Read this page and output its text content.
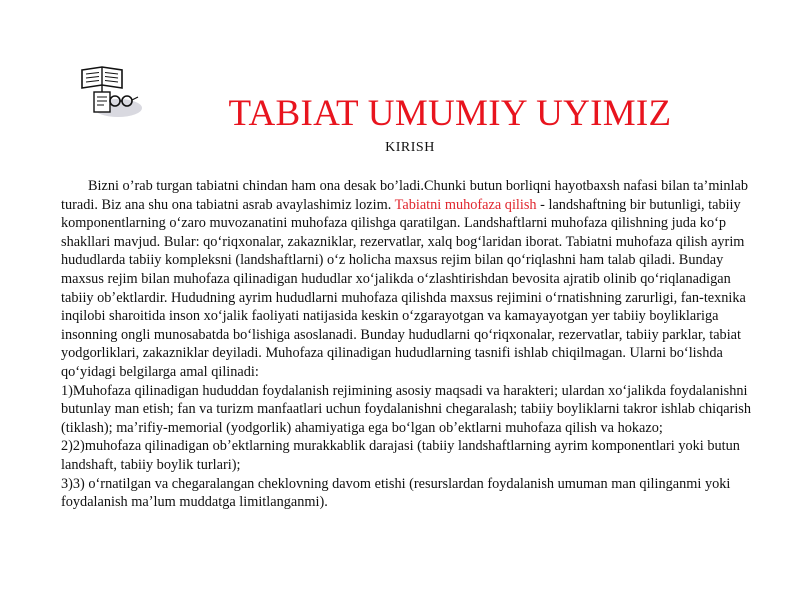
TABIAT UMUMIY UYIMIZ
KIRISH

Bizni o’rab turgan tabiatni chindan ham ona desak bo’ladi.Chunki butun borliqni hayotbaxsh nafasi bilan ta’minlab turadi. Biz ana shu ona tabiatni asrab avaylashimiz lozim. Tabiatni muhofaza qilish - landshaftning bir butunligi, tabiiy komponentlarning oʻzaro muvozanatini muhofaza qilishga qaratilgan. Landshaftlarni muhofaza qilishning juda koʻp shakllari mavjud. Bular: qoʻriqxonalar, zakazniklar, rezervatlar, xalq bogʻlaridan iborat. Tabiatni muhofaza qilish ayrim hududlarda tabiiy kompleksni (landshaftlarni) oʻz holicha maxsus rejim bilan qoʻriqlashni ham talab qiladi. Bunday maxsus rejim bilan muhofaza qilinadigan hududlar xoʻjalikda oʻzlashtirishdan bevosita ajratib olinib qoʻriqlanadigan tabiiy obʼektlardir. Hududning ayrim hududlarni muhofaza qilishda maxsus rejimini oʻrnatishning zarurligi, fan-texnika inqilobi sharoitida inson xoʻjalik faoliyati natijasida keskin oʻzgarayotgan va kamayayotgan yer tabiiy boyliklariga insonning ongli munosabatda boʻlishiga asoslanadi. Bunday hududlarni qoʻriqxonalar, rezervatlar, tabiiy parklar, tabiat yodgorliklari, zakazniklar deyiladi. Muhofaza qilinadigan hududlarning tasnifi ishlab chiqilmagan. Ularni boʻlishda qoʻyidagi belgilarga amal qilinadi:

1)Muhofaza qilinadigan hududdan foydalanish rejimining asosiy maqsadi va harakteri; ulardan xoʻjalikda foydalanishni butunlay man etish; fan va turizm manfaatlari uchun foydalanishni chegaralash; tabiiy boyliklarni takror ishlab chiqarish (tiklash); maʼrifiy-memorial (yodgorlik) ahamiyatiga ega boʻlgan obʼektlarni muhofaza qilish va hokazo;

2)2)muhofaza qilinadigan obʼektlarning murakkablik darajasi (tabiiy landshaftlarning ayrim komponentlari yoki butun landshaft, tabiiy boylik turlari);

3)3) oʻrnatilgan va chegaralangan cheklovning davom etishi (resurslardan foydalanish umuman man qilinganmi yoki foydalanish maʼlum muddatga limitlanganmi).
